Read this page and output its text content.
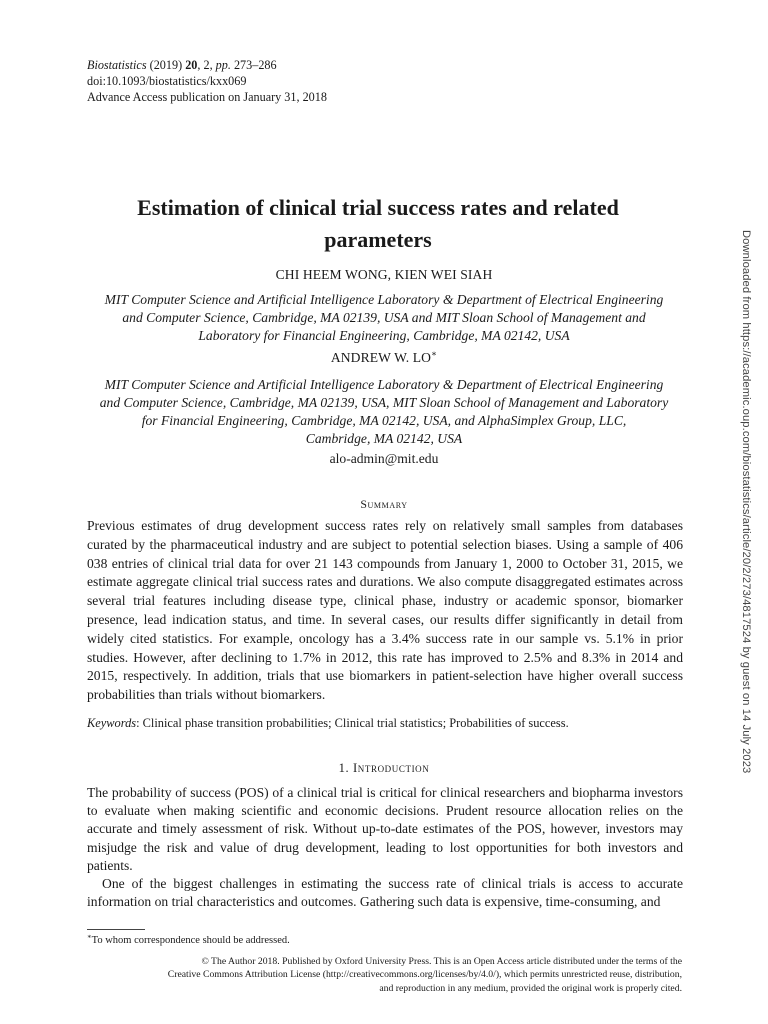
Biostatistics (2019) 20, 2, pp. 273–286
doi:10.1093/biostatistics/kxx069
Advance Access publication on January 31, 2018
Estimation of clinical trial success rates and related
parameters
CHI HEEM WONG, KIEN WEI SIAH
MIT Computer Science and Artificial Intelligence Laboratory & Department of Electrical Engineering
and Computer Science, Cambridge, MA 02139, USA and MIT Sloan School of Management and
Laboratory for Financial Engineering, Cambridge, MA 02142, USA
ANDREW W. LO∗
MIT Computer Science and Artificial Intelligence Laboratory & Department of Electrical Engineering
and Computer Science, Cambridge, MA 02139, USA, MIT Sloan School of Management and Laboratory
for Financial Engineering, Cambridge, MA 02142, USA, and AlphaSimplex Group, LLC,
Cambridge, MA 02142, USA
alo-admin@mit.edu
Summary
Previous estimates of drug development success rates rely on relatively small samples from databases curated by the pharmaceutical industry and are subject to potential selection biases. Using a sample of 406 038 entries of clinical trial data for over 21 143 compounds from January 1, 2000 to October 31, 2015, we estimate aggregate clinical trial success rates and durations. We also compute disaggregated estimates across several trial features including disease type, clinical phase, industry or academic sponsor, biomarker presence, lead indication status, and time. In several cases, our results differ significantly in detail from widely cited statistics. For example, oncology has a 3.4% success rate in our sample vs. 5.1% in prior studies. However, after declining to 1.7% in 2012, this rate has improved to 2.5% and 8.3% in 2014 and 2015, respectively. In addition, trials that use biomarkers in patient-selection have higher overall success probabilities than trials without biomarkers.
Keywords: Clinical phase transition probabilities; Clinical trial statistics; Probabilities of success.
1. Introduction

The probability of success (POS) of a clinical trial is critical for clinical researchers and biopharma investors to evaluate when making scientific and economic decisions. Prudent resource allocation relies on the accurate and timely assessment of risk. Without up-to-date estimates of the POS, however, investors may misjudge the risk and value of drug development, leading to lost opportunities for both investors and patients.

One of the biggest challenges in estimating the success rate of clinical trials is access to accurate information on trial characteristics and outcomes. Gathering such data is expensive, time-consuming, and

∗To whom correspondence should be addressed.
© The Author 2018. Published by Oxford University Press. This is an Open Access article distributed under the terms of the
Creative Commons Attribution License (http://creativecommons.org/licenses/by/4.0/), which permits unrestricted reuse, distribution,
and reproduction in any medium, provided the original work is properly cited.
Downloaded from https://academic.oup.com/biostatistics/article/20/2/273/4817524 by guest on 14 July 2023
